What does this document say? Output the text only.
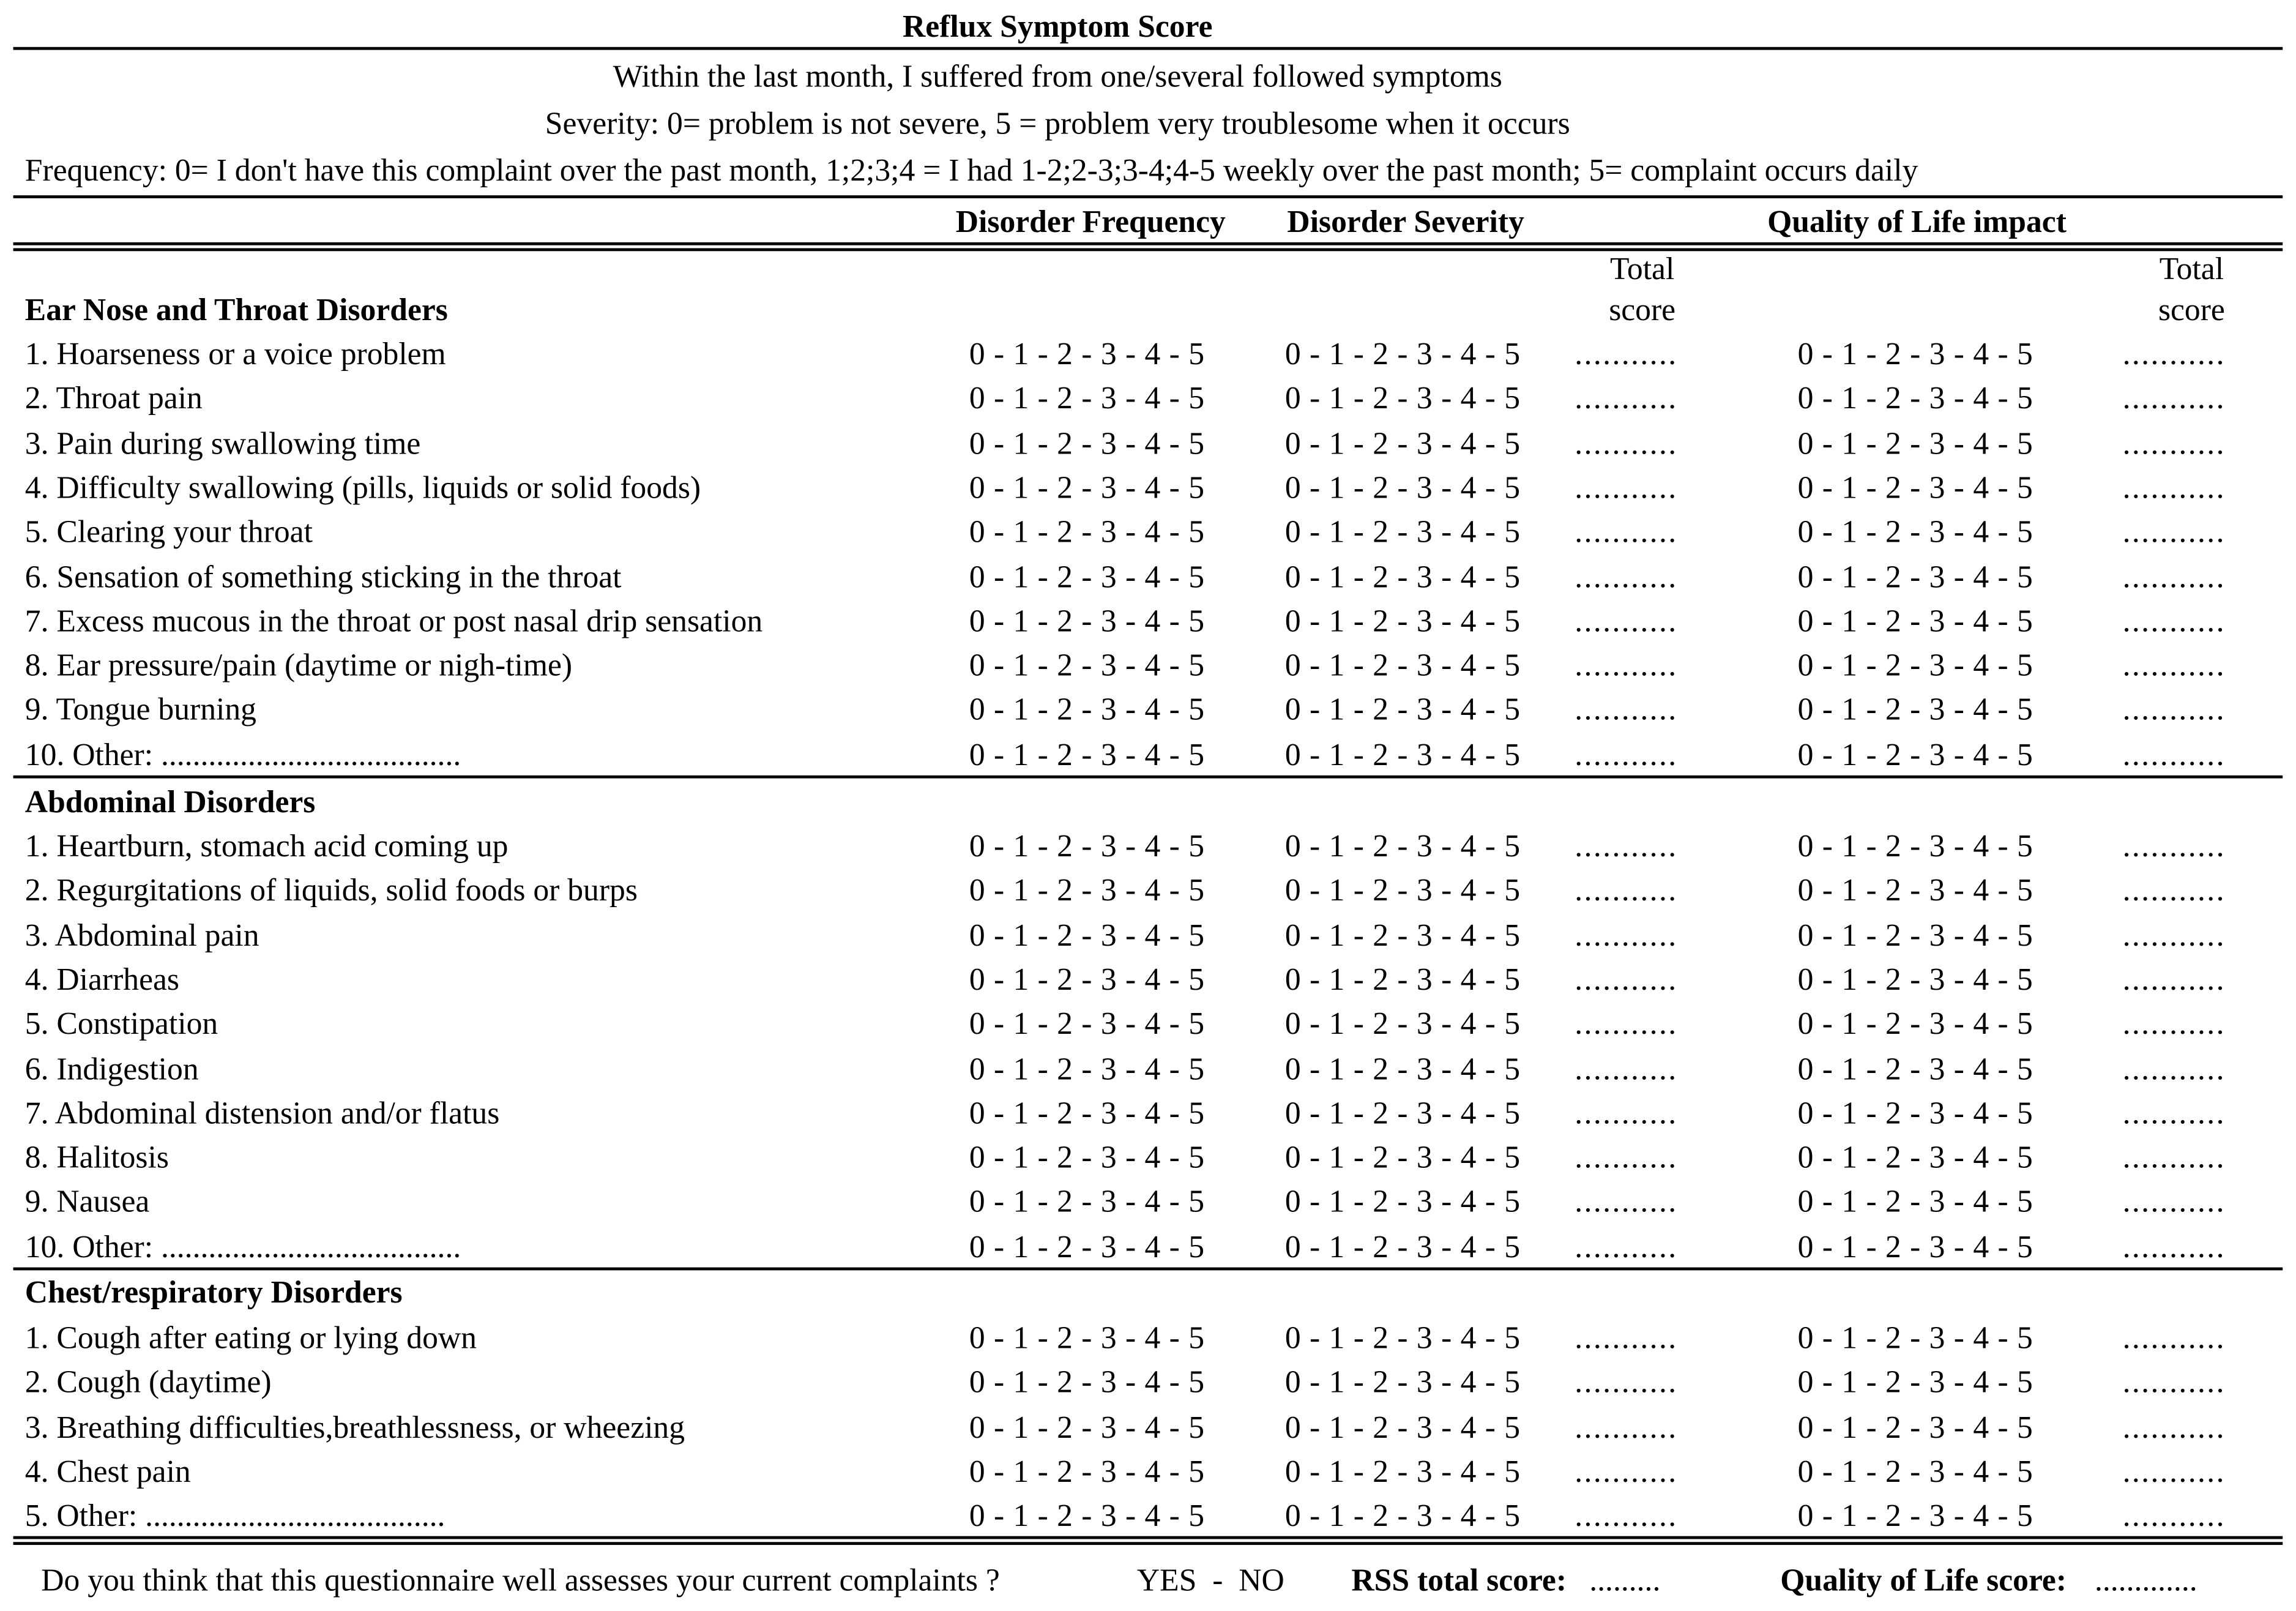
Reflux Symptom Score
Within the last month, I suffered from one/several followed symptoms
Severity: 0= problem is not severe, 5 = problem very troublesome when it occurs
Frequency: 0= I don't have this complaint over the past month, 1;2;3;4 = I had 1-2;2-3;3-4;4-5 weekly over the past month; 5= complaint occurs daily
Disorder Frequency	Disorder Severity	Quality of Life impact
Total
score
Total
score
Ear Nose and Throat Disorders
1. Hoarseness or a voice problem	0 - 1 - 2 - 3 - 4 - 5	0 - 1 - 2 - 3 - 4 - 5	...........	0 - 1 - 2 - 3 - 4 - 5	...........
2. Throat pain	0 - 1 - 2 - 3 - 4 - 5	0 - 1 - 2 - 3 - 4 - 5	...........	0 - 1 - 2 - 3 - 4 - 5	...........
3. Pain during swallowing time	0 - 1 - 2 - 3 - 4 - 5	0 - 1 - 2 - 3 - 4 - 5	...........	0 - 1 - 2 - 3 - 4 - 5	...........
4. Difficulty swallowing (pills, liquids or solid foods)	0 - 1 - 2 - 3 - 4 - 5	0 - 1 - 2 - 3 - 4 - 5	...........	0 - 1 - 2 - 3 - 4 - 5	...........
5. Clearing your throat	0 - 1 - 2 - 3 - 4 - 5	0 - 1 - 2 - 3 - 4 - 5	...........	0 - 1 - 2 - 3 - 4 - 5	...........
6. Sensation of something sticking in the throat	0 - 1 - 2 - 3 - 4 - 5	0 - 1 - 2 - 3 - 4 - 5	...........	0 - 1 - 2 - 3 - 4 - 5	...........
7. Excess mucous in the throat or post nasal drip sensation	0 - 1 - 2 - 3 - 4 - 5	0 - 1 - 2 - 3 - 4 - 5	...........	0 - 1 - 2 - 3 - 4 - 5	...........
8. Ear pressure/pain (daytime or nigh-time)	0 - 1 - 2 - 3 - 4 - 5	0 - 1 - 2 - 3 - 4 - 5	...........	0 - 1 - 2 - 3 - 4 - 5	...........
9. Tongue burning	0 - 1 - 2 - 3 - 4 - 5	0 - 1 - 2 - 3 - 4 - 5	...........	0 - 1 - 2 - 3 - 4 - 5	...........
10. Other: ......................................	0 - 1 - 2 - 3 - 4 - 5	0 - 1 - 2 - 3 - 4 - 5	...........	0 - 1 - 2 - 3 - 4 - 5	...........
Abdominal Disorders
1. Heartburn, stomach acid coming up	0 - 1 - 2 - 3 - 4 - 5	0 - 1 - 2 - 3 - 4 - 5	...........	0 - 1 - 2 - 3 - 4 - 5	...........
2. Regurgitations of liquids, solid foods or burps	0 - 1 - 2 - 3 - 4 - 5	0 - 1 - 2 - 3 - 4 - 5	...........	0 - 1 - 2 - 3 - 4 - 5	...........
3. Abdominal pain	0 - 1 - 2 - 3 - 4 - 5	0 - 1 - 2 - 3 - 4 - 5	...........	0 - 1 - 2 - 3 - 4 - 5	...........
4. Diarrheas	0 - 1 - 2 - 3 - 4 - 5	0 - 1 - 2 - 3 - 4 - 5	...........	0 - 1 - 2 - 3 - 4 - 5	...........
5. Constipation	0 - 1 - 2 - 3 - 4 - 5	0 - 1 - 2 - 3 - 4 - 5	...........	0 - 1 - 2 - 3 - 4 - 5	...........
6. Indigestion	0 - 1 - 2 - 3 - 4 - 5	0 - 1 - 2 - 3 - 4 - 5	...........	0 - 1 - 2 - 3 - 4 - 5	...........
7. Abdominal distension and/or flatus	0 - 1 - 2 - 3 - 4 - 5	0 - 1 - 2 - 3 - 4 - 5	...........	0 - 1 - 2 - 3 - 4 - 5	...........
8. Halitosis	0 - 1 - 2 - 3 - 4 - 5	0 - 1 - 2 - 3 - 4 - 5	...........	0 - 1 - 2 - 3 - 4 - 5	...........
9. Nausea	0 - 1 - 2 - 3 - 4 - 5	0 - 1 - 2 - 3 - 4 - 5	...........	0 - 1 - 2 - 3 - 4 - 5	...........
10. Other: ......................................	0 - 1 - 2 - 3 - 4 - 5	0 - 1 - 2 - 3 - 4 - 5	...........	0 - 1 - 2 - 3 - 4 - 5	...........
Chest/respiratory Disorders
1. Cough after eating or lying down	0 - 1 - 2 - 3 - 4 - 5	0 - 1 - 2 - 3 - 4 - 5	...........	0 - 1 - 2 - 3 - 4 - 5	...........
2. Cough (daytime)	0 - 1 - 2 - 3 - 4 - 5	0 - 1 - 2 - 3 - 4 - 5	...........	0 - 1 - 2 - 3 - 4 - 5	...........
3. Breathing difficulties,breathlessness, or wheezing	0 - 1 - 2 - 3 - 4 - 5	0 - 1 - 2 - 3 - 4 - 5	...........	0 - 1 - 2 - 3 - 4 - 5	...........
4. Chest pain	0 - 1 - 2 - 3 - 4 - 5	0 - 1 - 2 - 3 - 4 - 5	...........	0 - 1 - 2 - 3 - 4 - 5	...........
5. Other: ......................................	0 - 1 - 2 - 3 - 4 - 5	0 - 1 - 2 - 3 - 4 - 5	...........	0 - 1 - 2 - 3 - 4 - 5	...........
Do you think that this questionnaire well assesses your current complaints ?	YES  -  NO	RSS total score: .........	Quality of Life score: .............
